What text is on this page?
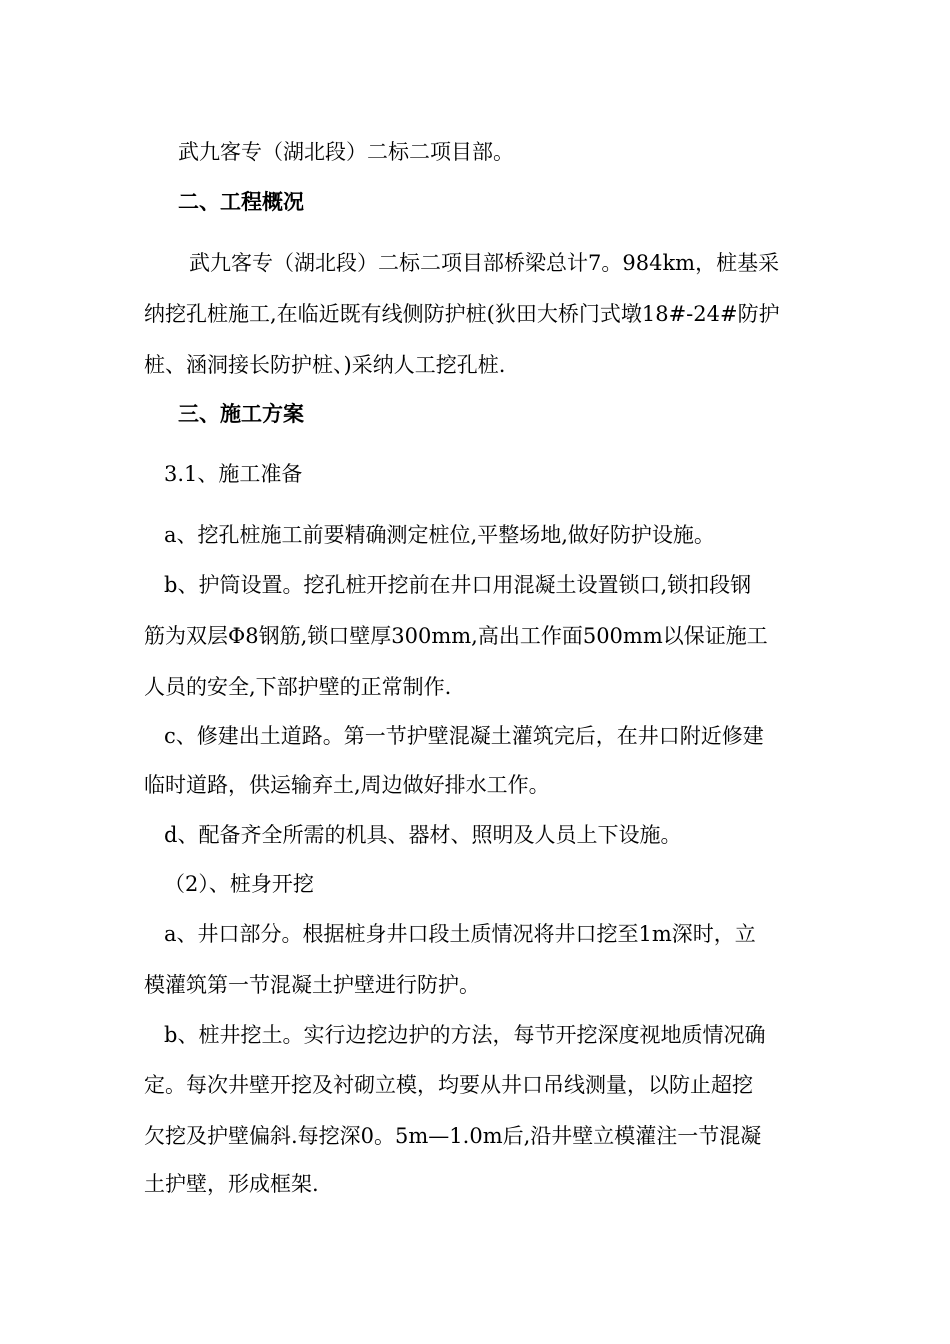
武九客专（湖北段）二标二项目部。
二、工程概况
武九客专（湖北段）二标二项目部桥梁总计7。984km，桩基采
纳挖孔桩施工,在临近既有线侧防护桩(狄田大桥门式墩18#-24#防护
桩、涵洞接长防护桩、)采纳人工挖孔桩.
三、施工方案
3.1、施工准备
a、挖孔桩施工前要精确测定桩位,平整场地,做好防护设施。
b、护筒设置。挖孔桩开挖前在井口用混凝土设置锁口,锁扣段钢
筋为双层Φ8钢筋,锁口壁厚300mm,高出工作面500mm以保证施工
人员的安全,下部护壁的正常制作.
c、修建出土道路。第一节护壁混凝土灌筑完后，在井口附近修建
临时道路，供运输弃土,周边做好排水工作。
d、配备齐全所需的机具、器材、照明及人员上下设施。
（2）、桩身开挖
a、井口部分。根据桩身井口段土质情况将井口挖至1m深时，立
模灌筑第一节混凝土护壁进行防护。
b、桩井挖土。实行边挖边护的方法，每节开挖深度视地质情况确
定。每次井壁开挖及衬砌立模，均要从井口吊线测量，以防止超挖
欠挖及护壁偏斜.每挖深0。5m—1.0m后,沿井壁立模灌注一节混凝
土护壁，形成框架.
